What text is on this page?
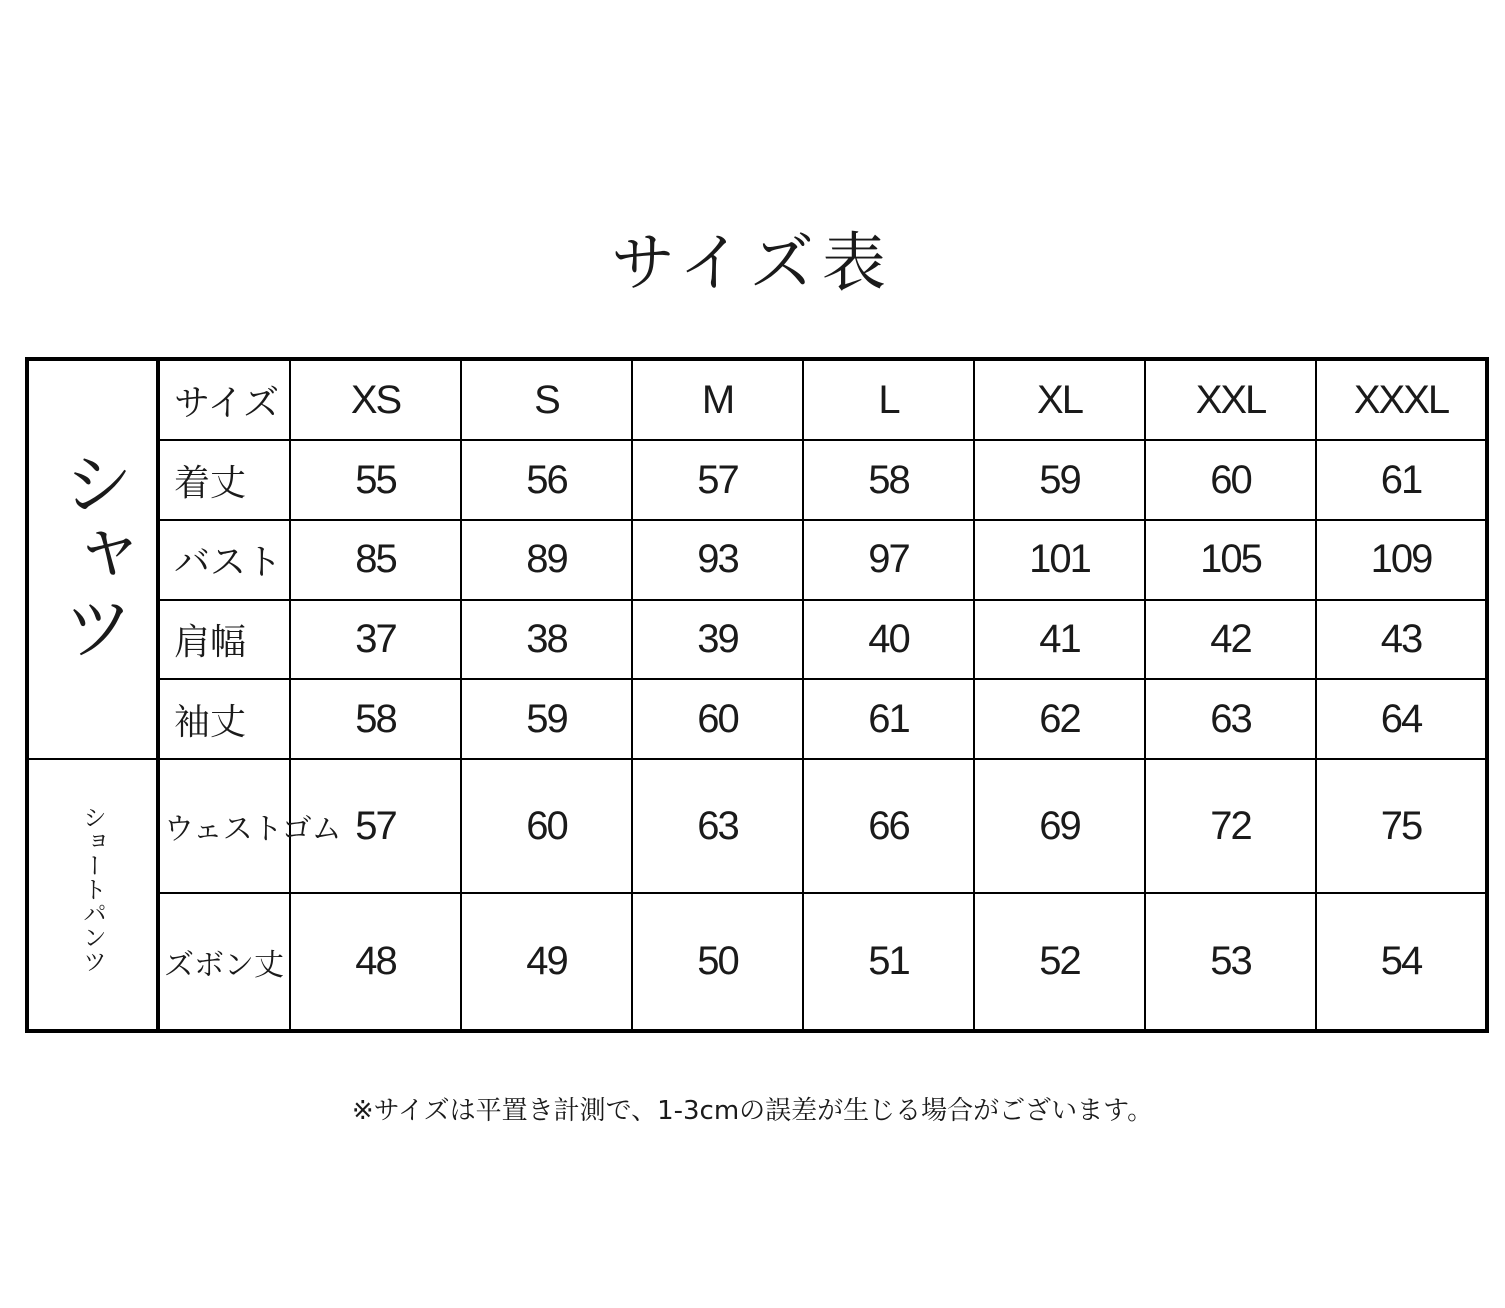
サイズ表
シャツ	サイズ	XS	S	M	L	XL	XXL	XXXL
	着丈	55	56	57	58	59	60	61
	バスト	85	89	93	97	101	105	109
	肩幅	37	38	39	40	41	42	43
	袖丈	58	59	60	61	62	63	64
ショートパンツ	ウェストゴム	57	60	63	66	69	72	75
	ズボン丈	48	49	50	51	52	53	54
※サイズは平置き計測で、1-3cmの誤差が生じる場合がございます。
